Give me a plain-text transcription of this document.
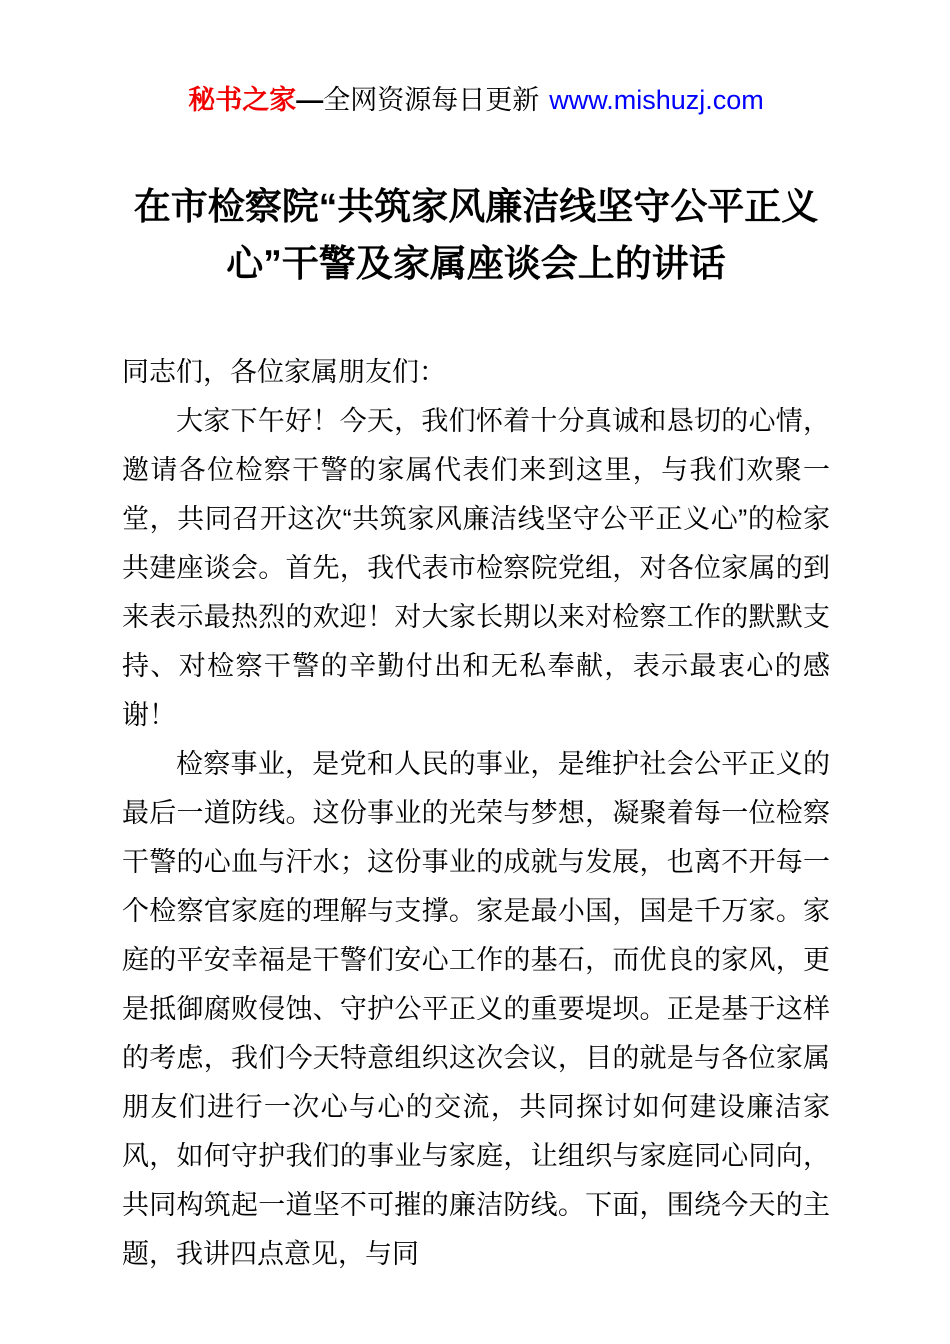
秘书之家—全网资源每日更新 www.mishuzj.com
在市检察院“共筑家风廉洁线坚守公平正义心”干警及家属座谈会上的讲话

同志们，各位家属朋友们：

大家下午好！今天，我们怀着十分真诚和恳切的心情，邀请各位检察干警的家属代表们来到这里，与我们欢聚一堂，共同召开这次“共筑家风廉洁线坚守公平正义心”的检家共建座谈会。首先，我代表市检察院党组，对各位家属的到来表示最热烈的欢迎！对大家长期以来对检察工作的默默支持、对检察干警的辛勤付出和无私奉献，表示最衷心的感谢！

检察事业，是党和人民的事业，是维护社会公平正义的最后一道防线。这份事业的光荣与梦想，凝聚着每一位检察干警的心血与汗水；这份事业的成就与发展，也离不开每一个检察官家庭的理解与支撑。家是最小国，国是千万家。家庭的平安幸福是干警们安心工作的基石，而优良的家风，更是抵御腐败侵蚀、守护公平正义的重要堤坝。正是基于这样的考虑，我们今天特意组织这次会议，目的就是与各位家属朋友们进行一次心与心的交流，共同探讨如何建设廉洁家风，如何守护我们的事业与家庭，让组织与家庭同心同向，共同构筑起一道坚不可摧的廉洁防线。下面，围绕今天的主题，我讲四点意见，与同
